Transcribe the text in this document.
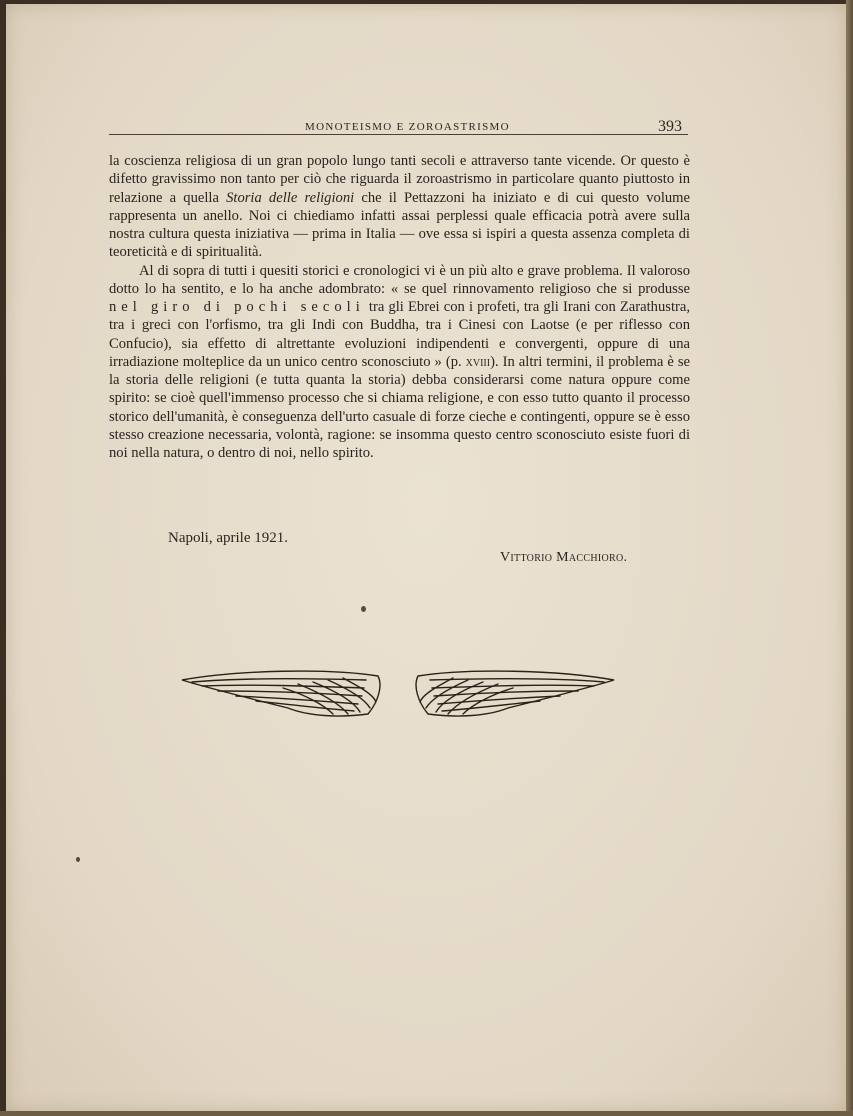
MONOTEISMO E ZOROASTRISMO	393

la coscienza religiosa di un gran popolo lungo tanti secoli e attraverso tante vicende. Or questo è difetto gravissimo non tanto per ciò che riguarda il zoroastrismo in particolare quanto piuttosto in relazione a quella Storia delle religioni che il Pettazzoni ha iniziato e di cui questo volume rappresenta un anello. Noi ci chiediamo infatti assai perplessi quale efficacia potrà avere sulla nostra cultura questa iniziativa — prima in Italia — ove essa si ispiri a questa assenza completa di teoreticità e di spiritualità.

Al di sopra di tutti i quesiti storici e cronologici vi è un più alto e grave problema. Il valoroso dotto lo ha sentito, e lo ha anche adombrato: « se quel rinnovamento religioso che si produsse nel giro di pochi secoli tra gli Ebrei con i profeti, tra gli Irani con Zarathustra, tra i greci con l'orfismo, tra gli Indi con Buddha, tra i Cinesi con Laotse (e per riflesso con Confucio), sia effetto di altrettante evoluzioni indipendenti e convergenti, oppure di una irradiazione molteplice da un unico centro sconosciuto » (p. xviii). In altri termini, il problema è se la storia delle religioni (e tutta quanta la storia) debba considerarsi come natura oppure come spirito: se cioè quell'immenso processo che si chiama religione, e con esso tutto quanto il processo storico dell'umanità, è conseguenza dell'urto casuale di forze cieche e contingenti, oppure se è esso stesso creazione necessaria, volontà, ragione: se insomma questo centro sconosciuto esiste fuori di noi nella natura, o dentro di noi, nello spirito.

Napoli, aprile 1921.
Vittorio Macchioro.
